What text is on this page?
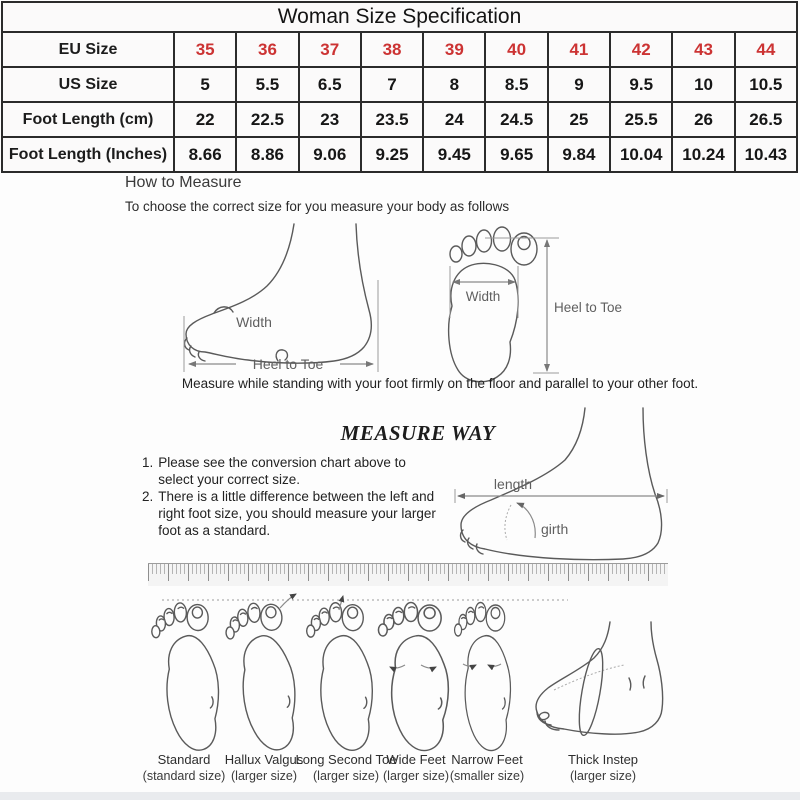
Woman Size Specification										
EU Size	35	36	37	38	39	40	41	42	43	44
US Size	5	5.5	6.5	7	8	8.5	9	9.5	10	10.5
Foot Length (cm)	22	22.5	23	23.5	24	24.5	25	25.5	26	26.5
Foot Length (Inches)	8.66	8.86	9.06	9.25	9.45	9.65	9.84	10.04	10.24	10.43
How to Measure
To choose the correct size for you measure your body as follows
Width
Heel to Toe
Width
Heel to Toe
Measure while standing with your foot firmly on the floor and parallel to your other foot.
MEASURE WAY
1. Please see the conversion chart above to select your correct size.
2. There is a little difference between the left and right foot size, you should measure your larger foot as a standard.
length
girth
Standard
(standard size)
Hallux Valgus
(larger size)
Long Second Toe
(larger size)
Wide Feet
(larger size)
Narrow Feet
(smaller size)
Thick Instep
(larger size)
